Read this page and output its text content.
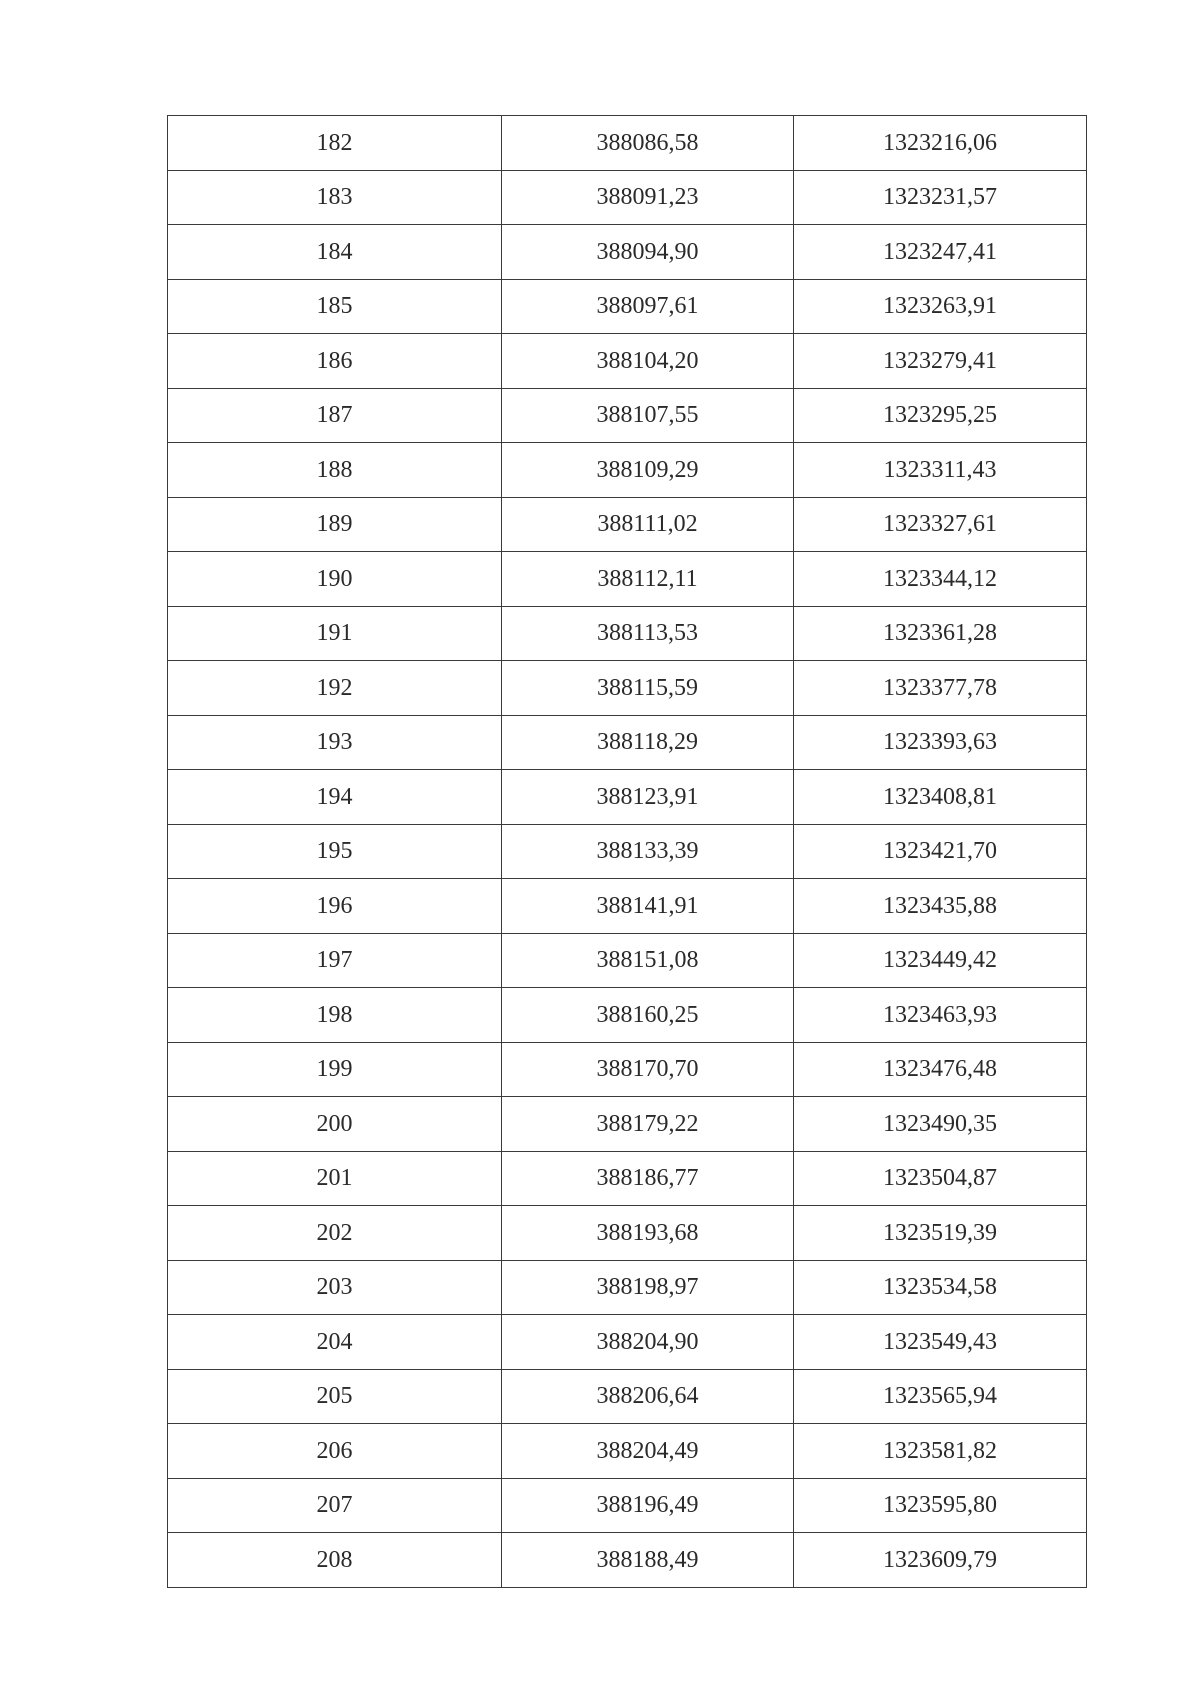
182	388086,58	1323216,06
183	388091,23	1323231,57
184	388094,90	1323247,41
185	388097,61	1323263,91
186	388104,20	1323279,41
187	388107,55	1323295,25
188	388109,29	1323311,43
189	388111,02	1323327,61
190	388112,11	1323344,12
191	388113,53	1323361,28
192	388115,59	1323377,78
193	388118,29	1323393,63
194	388123,91	1323408,81
195	388133,39	1323421,70
196	388141,91	1323435,88
197	388151,08	1323449,42
198	388160,25	1323463,93
199	388170,70	1323476,48
200	388179,22	1323490,35
201	388186,77	1323504,87
202	388193,68	1323519,39
203	388198,97	1323534,58
204	388204,90	1323549,43
205	388206,64	1323565,94
206	388204,49	1323581,82
207	388196,49	1323595,80
208	388188,49	1323609,79
